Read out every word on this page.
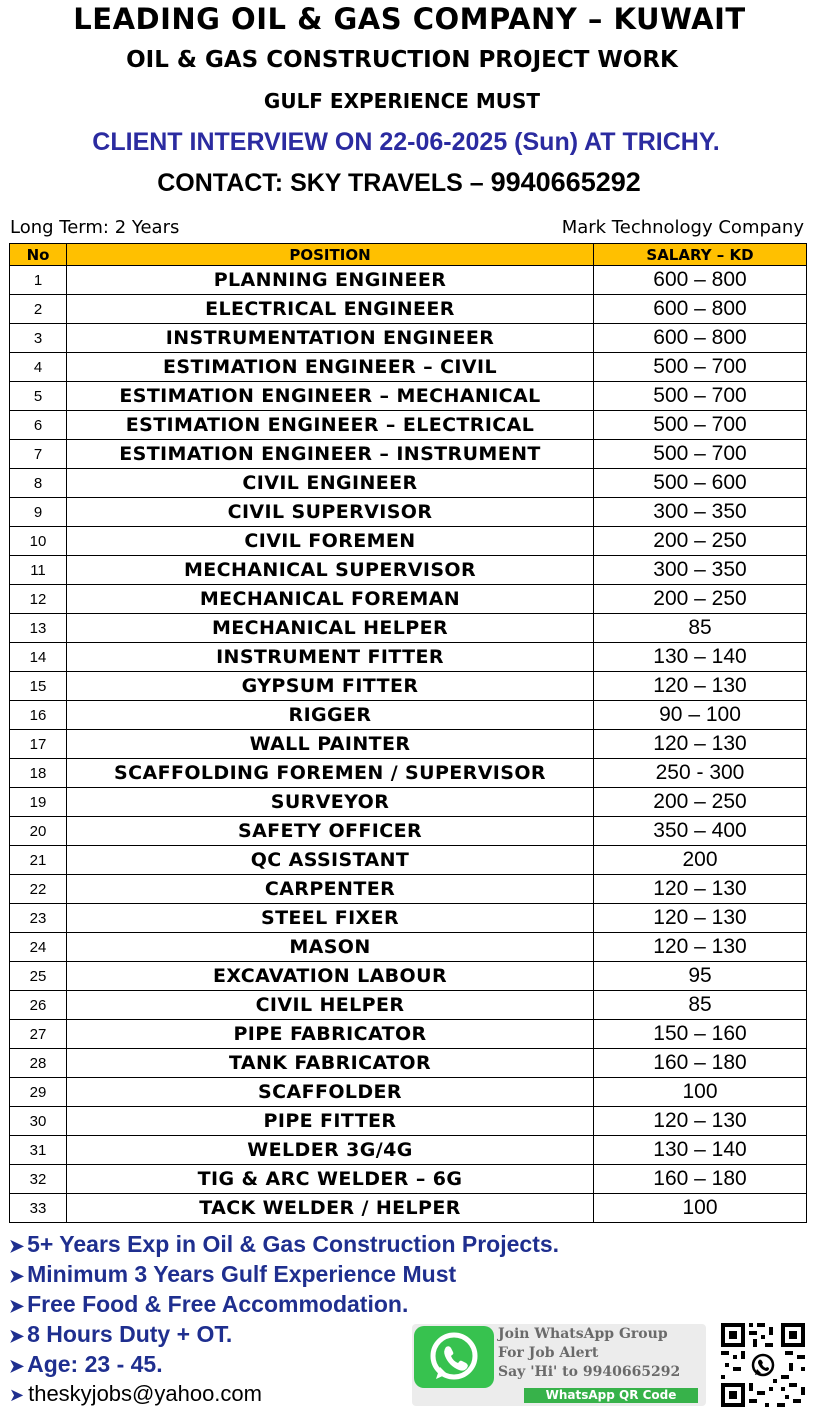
LEADING OIL & GAS COMPANY – KUWAIT
OIL & GAS CONSTRUCTION PROJECT WORK
GULF EXPERIENCE MUST
CLIENT INTERVIEW ON 22-06-2025 (Sun) AT TRICHY.
CONTACT: SKY TRAVELS – 9940665292
Long Term: 2 Years	Mark Technology Company
No	POSITION	SALARY – KD
1	PLANNING ENGINEER	600 – 800
2	ELECTRICAL ENGINEER	600 – 800
3	INSTRUMENTATION ENGINEER	600 – 800
4	ESTIMATION ENGINEER – CIVIL	500 – 700
5	ESTIMATION ENGINEER – MECHANICAL	500 – 700
6	ESTIMATION ENGINEER – ELECTRICAL	500 – 700
7	ESTIMATION ENGINEER – INSTRUMENT	500 – 700
8	CIVIL ENGINEER	500 – 600
9	CIVIL SUPERVISOR	300 – 350
10	CIVIL FOREMEN	200 – 250
11	MECHANICAL SUPERVISOR	300 – 350
12	MECHANICAL FOREMAN	200 – 250
13	MECHANICAL HELPER	85
14	INSTRUMENT FITTER	130 – 140
15	GYPSUM FITTER	120 – 130
16	RIGGER	90 – 100
17	WALL PAINTER	120 – 130
18	SCAFFOLDING FOREMEN / SUPERVISOR	250 - 300
19	SURVEYOR	200 – 250
20	SAFETY OFFICER	350 – 400
21	QC ASSISTANT	200
22	CARPENTER	120 – 130
23	STEEL FIXER	120 – 130
24	MASON	120 – 130
25	EXCAVATION LABOUR	95
26	CIVIL HELPER	85
27	PIPE FABRICATOR	150 – 160
28	TANK FABRICATOR	160 – 180
29	SCAFFOLDER	100
30	PIPE FITTER	120 – 130
31	WELDER 3G/4G	130 – 140
32	TIG & ARC WELDER – 6G	160 – 180
33	TACK WELDER / HELPER	100
➤ 5+ Years Exp in Oil & Gas Construction Projects.
➤ Minimum 3 Years Gulf Experience Must
➤ Free Food & Free Accommodation.
➤ 8 Hours Duty + OT.
➤ Age: 23 - 45.
➤ theskyjobs@yahoo.com
Join WhatsApp Group
For Job Alert
Say 'Hi' to 9940665292
WhatsApp QR Code
